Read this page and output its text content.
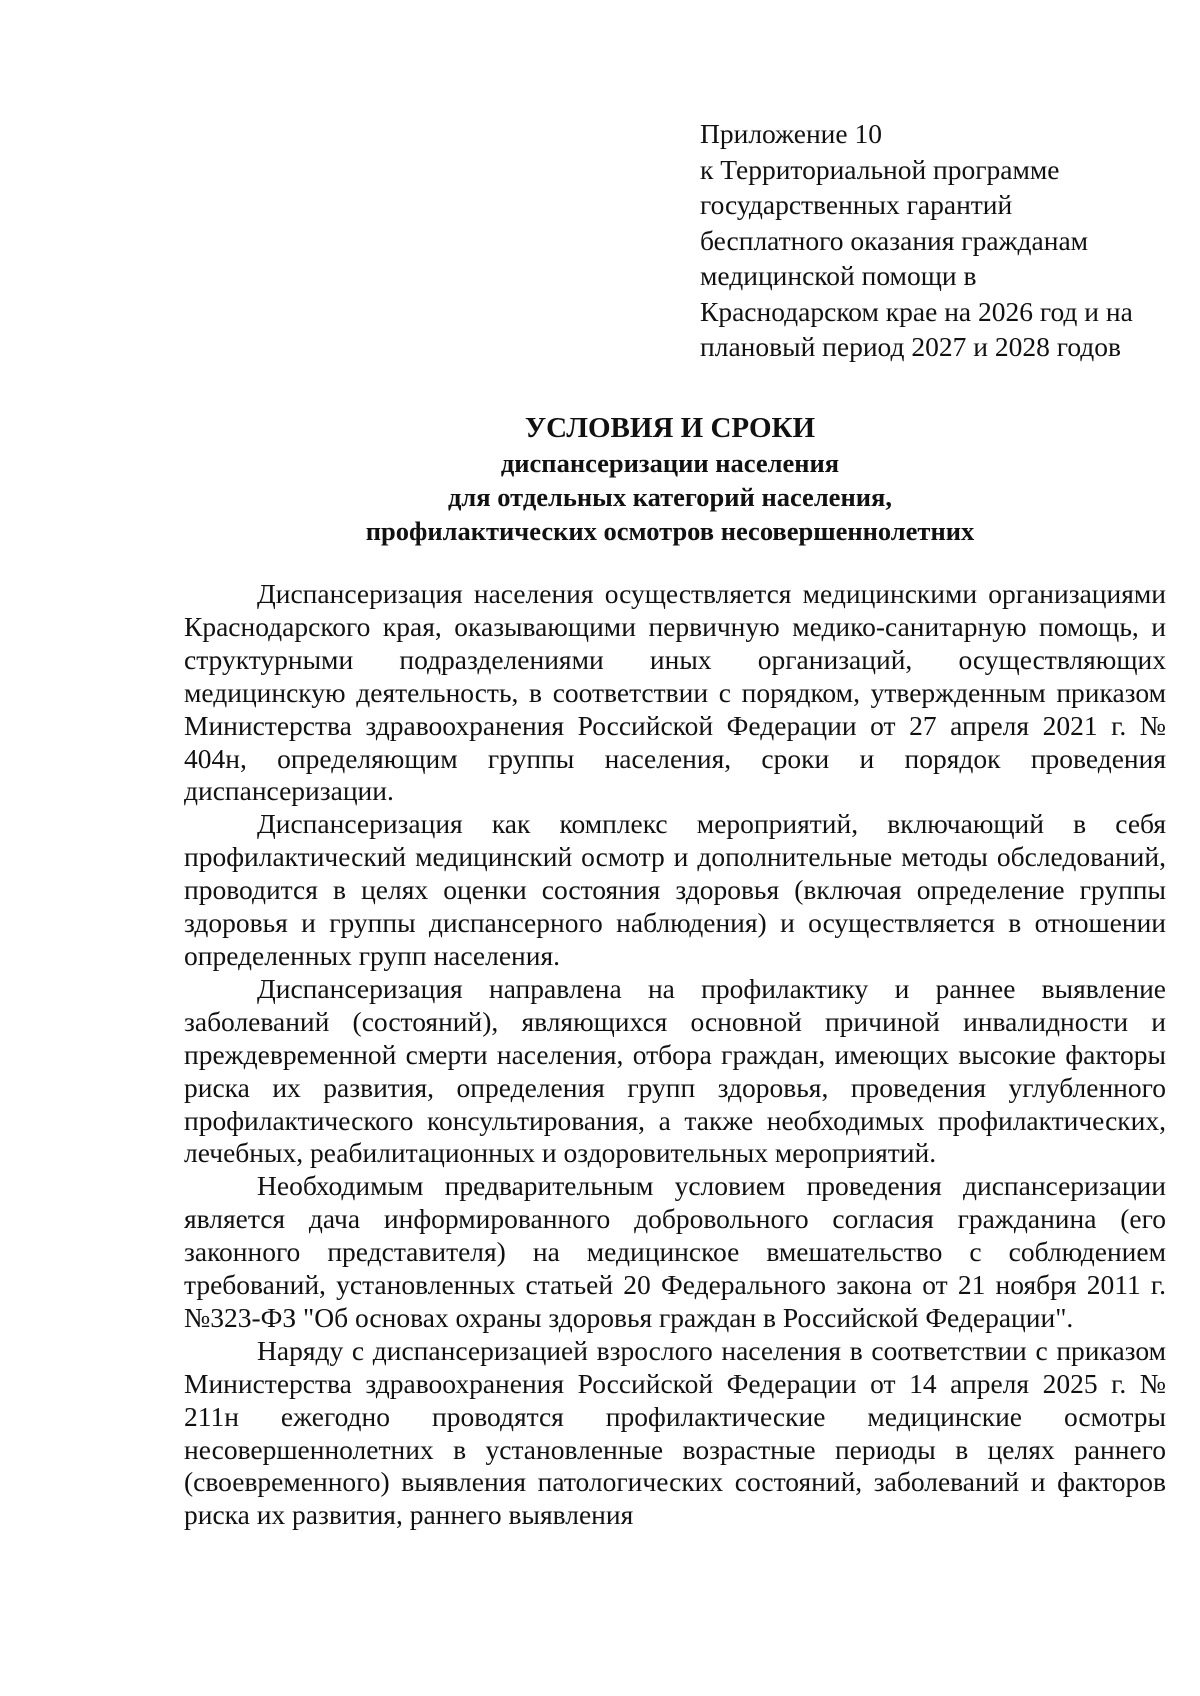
Приложение 10
к Территориальной программе
государственных гарантий
бесплатного оказания гражданам
медицинской помощи в
Краснодарском крае на 2026 год и на
плановый период 2027 и 2028 годов
УСЛОВИЯ И СРОКИ
диспансеризации населения
для отдельных категорий населения,
профилактических осмотров несовершеннолетних

Диспансеризация населения осуществляется медицинскими организациями Краснодарского края, оказывающими первичную медико-санитарную помощь, и структурными подразделениями иных организаций, осуществляющих медицинскую деятельность, в соответствии с порядком, утвержденным приказом Министерства здравоохранения Российской Федерации от 27 апреля 2021 г. № 404н, определяющим группы населения, сроки и порядок проведения диспансеризации.

Диспансеризация как комплекс мероприятий, включающий в себя профилактический медицинский осмотр и дополнительные методы обследований, проводится в целях оценки состояния здоровья (включая определение группы здоровья и группы диспансерного наблюдения) и осуществляется в отношении определенных групп населения.

Диспансеризация направлена на профилактику и раннее выявление заболеваний (состояний), являющихся основной причиной инвалидности и преждевременной смерти населения, отбора граждан, имеющих высокие факторы риска их развития, определения групп здоровья, проведения углубленного профилактического консультирования, а также необходимых профилактических, лечебных, реабилитационных и оздоровительных мероприятий.

Необходимым предварительным условием проведения диспансеризации является дача информированного добровольного согласия гражданина (его законного представителя) на медицинское вмешательство с соблюдением требований, установленных статьей 20 Федерального закона от 21 ноября 2011 г. №323-ФЗ "Об основах охраны здоровья граждан в Российской Федерации".

Наряду с диспансеризацией взрослого населения в соответствии с приказом Министерства здравоохранения Российской Федерации от 14 апреля 2025 г. № 211н ежегодно проводятся профилактические медицинские осмотры несовершеннолетних в установленные возрастные периоды в целях раннего (своевременного) выявления патологических состояний, заболеваний и факторов риска их развития, раннего выявления
